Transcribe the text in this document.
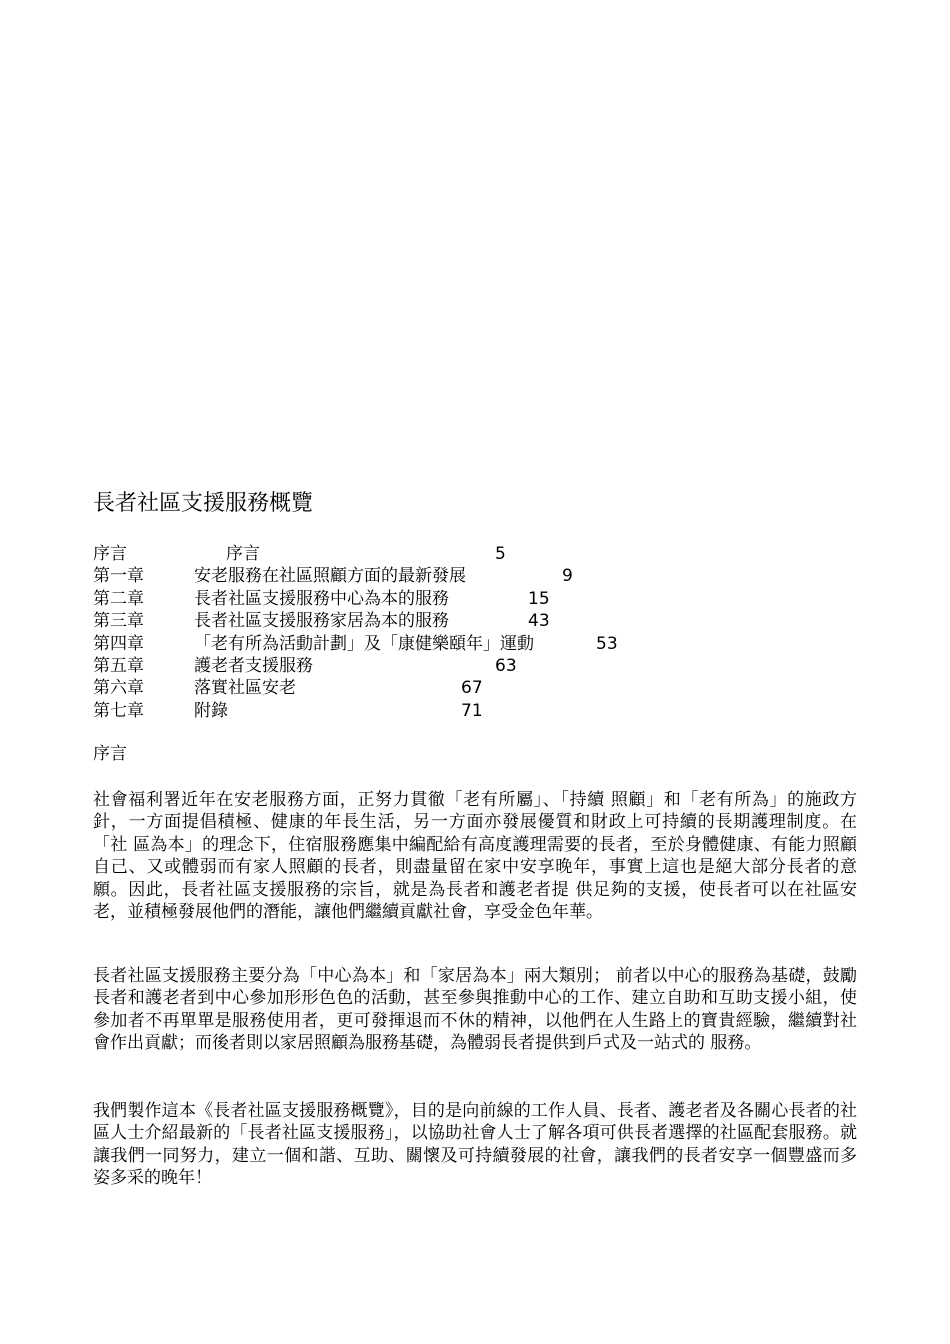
長者社區支援服務概覽
序言	序言	5
第一章	安老服務在社區照顧方面的最新發展	9
第二章	長者社區支援服務中心為本的服務	15
第三章	長者社區支援服務家居為本的服務	43
第四章	「老有所為活動計劃」及「康健樂頤年」運動	53
第五章	護老者支援服務	63
第六章	落實社區安老	67
第七章	附錄	71
序言

社會福利署近年在安老服務方面，正努力貫徹「老有所屬」、「持續 照顧」和「老有所為」的施政方針，一方面提倡積極、健康的年長生活，另一方面亦發展優質和財政上可持續的長期護理制度。在「社 區為本」的理念下，住宿服務應集中編配給有高度護理需要的長者，至於身體健康、有能力照顧自己、又或體弱而有家人照顧的長者，則盡量留在家中安享晚年，事實上這也是絕大部分長者的意願。因此，長者社區支援服務的宗旨，就是為長者和護老者提 供足夠的支援，使長者可以在社區安老，並積極發展他們的潛能，讓他們繼續貢獻社會，享受金色年華。

長者社區支援服務主要分為「中心為本」和「家居為本」兩大類別； 前者以中心的服務為基礎，鼓勵長者和護老者到中心參加形形色色的活動，甚至參與推動中心的工作、建立自助和互助支援小組，使參加者不再單單是服務使用者，更可發揮退而不休的精神，以他們在人生路上的寶貴經驗，繼續對社會作出貢獻；而後者則以家居照顧為服務基礎，為體弱長者提供到戶式及一站式的 服務。

我們製作這本《長者社區支援服務概覽》，目的是向前線的工作人員、長者、護老者及各關心長者的社區人士介紹最新的「長者社區支援服務」，以協助社會人士了解各項可供長者選擇的社區配套服務。就讓我們一同努力，建立一個和諧、互助、關懷及可持續發展的社會，讓我們的長者安享一個豐盛而多姿多采的晚年！
